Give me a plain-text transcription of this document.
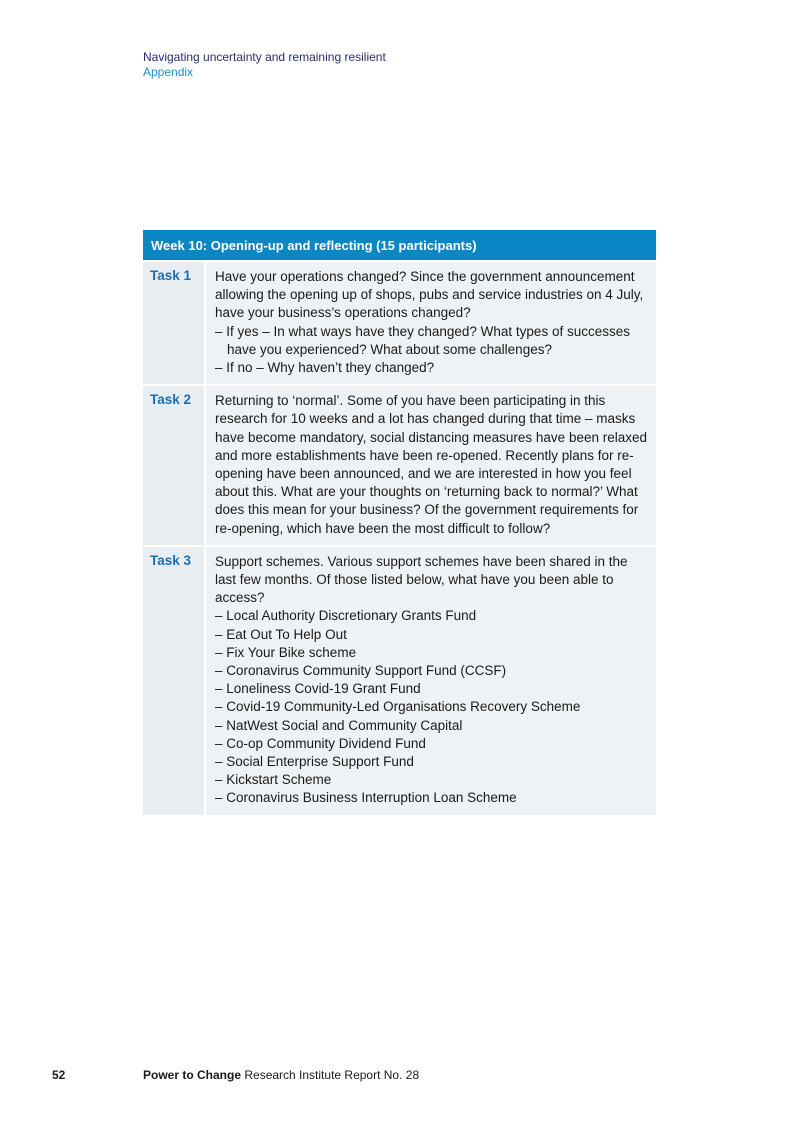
Navigating uncertainty and remaining resilient
Appendix
Week 10: Opening-up and reflecting (15 participants)
Task 1	Have your operations changed? Since the government announcement allowing the opening up of shops, pubs and service industries on 4 July, have your business’s operations changed?

– If yes – In what ways have they changed? What types of successes have you experienced? What about some challenges?
– If no – Why haven’t they changed?
Task 2	Returning to ‘normal’. Some of you have been participating in this research for 10 weeks and a lot has changed during that time – masks have become mandatory, social distancing measures have been relaxed and more establishments have been re-opened. Recently plans for re-opening have been announced, and we are interested in how you feel about this. What are your thoughts on ‘returning back to normal?’ What does this mean for your business? Of the government requirements for re-opening, which have been the most difficult to follow?

Task 3	Support schemes. Various support schemes have been shared in the last few months. Of those listed below, what have you been able to access?

– Local Authority Discretionary Grants Fund
– Eat Out To Help Out
– Fix Your Bike scheme
– Coronavirus Community Support Fund (CCSF)
– Loneliness Covid-19 Grant Fund
– Covid-19 Community-Led Organisations Recovery Scheme
– NatWest Social and Community Capital
– Co-op Community Dividend Fund
– Social Enterprise Support Fund
– Kickstart Scheme
– Coronavirus Business Interruption Loan Scheme
52	Power to Change Research Institute Report No. 28
